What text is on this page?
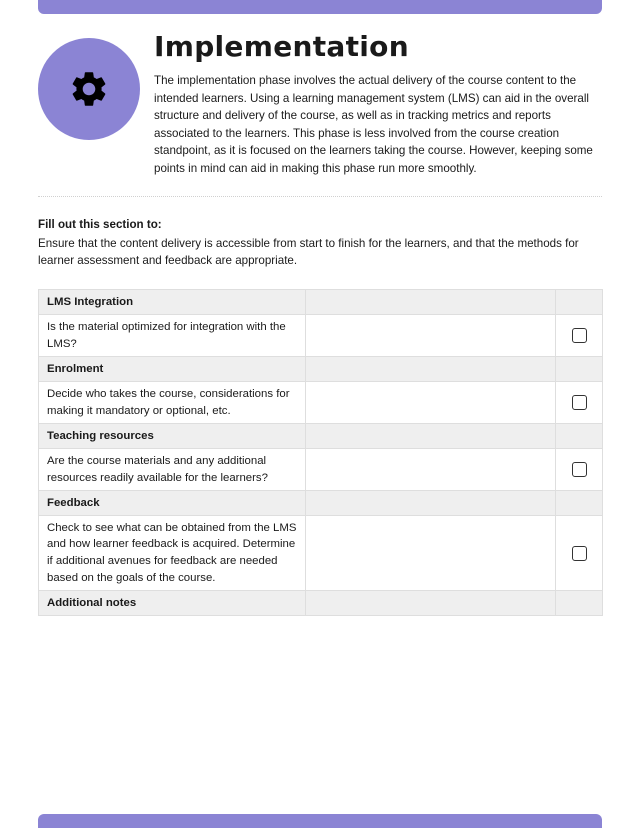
Implementation

The implementation phase involves the actual delivery of the course content to the intended learners. Using a learning management system (LMS) can aid in the overall structure and delivery of the course, as well as in tracking metrics and reports associated to the learners. This phase is less involved from the course creation standpoint, as it is focused on the learners taking the course. However, keeping some points in mind can aid in making this phase run more smoothly.

Fill out this section to:

Ensure that the content delivery is accessible from start to finish for the learners, and that the methods for learner assessment and feedback are appropriate.

LMS Integration		
Is the material optimized for integration with the LMS?		

Enrolment		
Decide who takes the course, considerations for making it mandatory or optional, etc.		

Teaching resources		
Are the course materials and any additional resources readily available for the learners?		

Feedback		
Check to see what can be obtained from the LMS and how learner feedback is acquired. Determine if additional avenues for feedback are needed based on the goals of the course.		

Additional notes		
